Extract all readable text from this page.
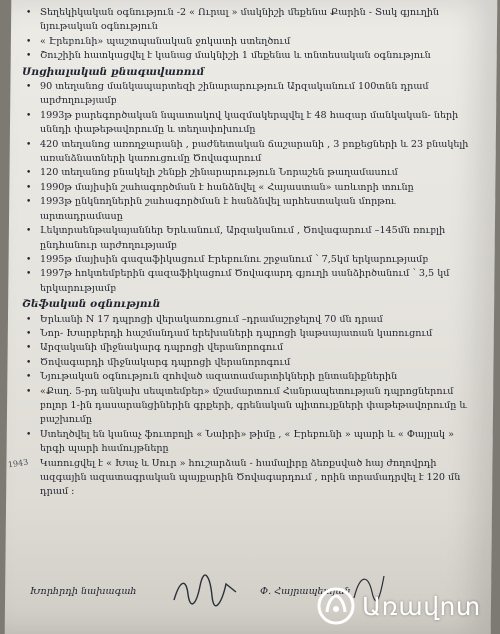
• Տեղեկիկական օգնություն -2 « Ուրալ » մակնիշի մեքենա Քարին - Տակ գյուղին նյութական օգնություն
• « Էրեբունի» պաշտպանական ջոկատի ստեղծում
• Շուշիին հատկացվել է կանաց մակնիշի 1 մեքենա և տնտեսական օգնություն
Սոցիալական քնագավառում
• 90 տեղանոց մանկապարտեզի շինարարություն Արզականում 100տնն դրամ արժողությամբ
• 1993թ բարեգործական նպատակով կազմակերպվել է 48 հազար մանկական- ների սննդի փաթեթավորումը և տեղափոխումը
• 420 տեղանոց առողջարանի , բաժնետական ճաշարանի , 3 բոքեցների և 23 բնակելի առանձնատների կառուցումը Ծովագարում
• 120 տեղանոց բնակելի շենքի շինարարություն Նորաշեն թաղամասում
• 1990թ մայիսին շահագործման է հանձնվել « Հայաստան» առևտրի տունը
• 1993թ ընկնողներին շահագործման է հանձնվել արհեստական մորթու արտադրամասը
• Լեկտրաենթակայաններ Երևանում, Արզականում , Ծովագարում –145մն ռուբլի ընդհանուր արժողությամբ
• 1995թ մայիսին գազաֆիկացում Էրեբունու շրջանում ՝ 7,5կմ երկարությամբ
• 1997թ հոկտեմբերին գազաֆիկացում Ծովագարդ գյուղի սանձիրծանում ՝ 3,5 կմ երկարությամբ
Շեֆական օգնություն
• Երևանի N 17 դպրոցի վերակառուցում –դրամաշրջելով 70 մն դրամ
• Նոր- Խարբերդի հաշմանդամ երեխաների դպրոցի կաթսայատան կառուցում
• Արզականի միջնակարգ դպրոցի վերանորոգում
• Ծովագարդի միջնակարգ դպրոցի վերանորոգում
• Նյութական օգնություն զոհված ազատամարտիկների ընտանիքներին
• «Քաղ. 5-րդ անկախ սեպտեմբեր» մշամարտում Հանրապետության դպրոցներում բոլոր 1-ին դասարանցիներին գրքերի, գրենական պիտույքների փաթեթավորումը և բաշխումը
• Ստեղծվել են կանաչ ֆուտբոլի « Նաիրի» թիմը , « Էրեբունի » պարի և « Փայլակ » երգի պարի համույթները
1943 Կառուցվել է « Խաչ և Սուր » հուշարձան - համալիրը ձեռքսված հայ ժողովրդի ազգային ազատագրական պայքարին Ծովագարդում , որին տրամադրվել է 120 մն դրամ :
Խորհրդի նախագահ	Փ. Հայրապետյան Առավոտ
